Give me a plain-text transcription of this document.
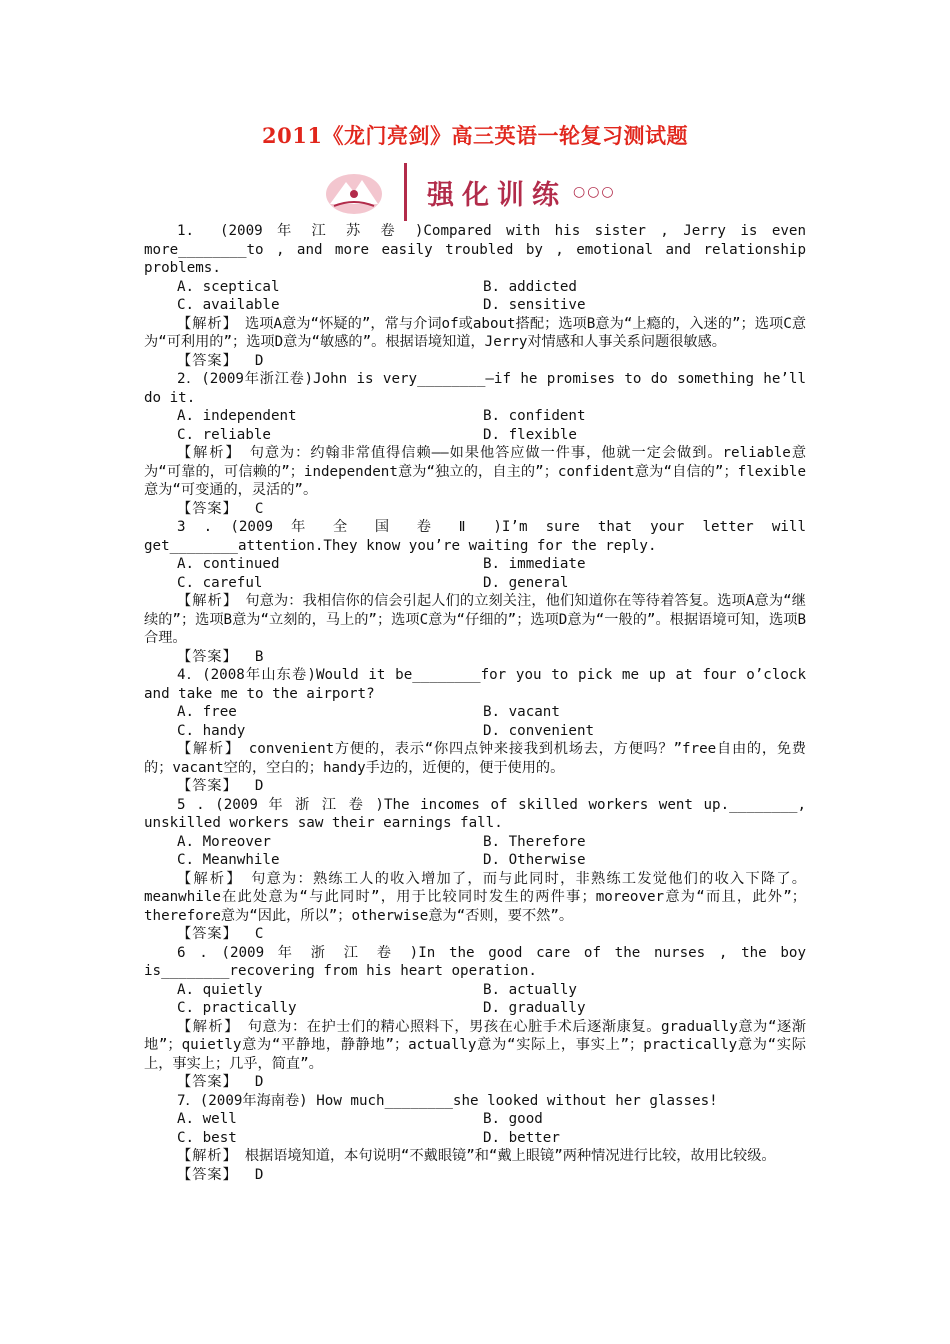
2011《龙门亮剑》高三英语一轮复习测试题
强化训练 ○○○

1.　(2009 年 江 苏 卷 )Compared with his sister , Jerry is even more________to , and more easily troubled by , emotional and relationship problems.

A. sceptical	B. addicted
C. available	D. sensitive

【解析】　选项A意为“怀疑的”，常与介词of或about搭配；选项B意为“上瘾的，入迷的”；选项C意为“可利用的”；选项D意为“敏感的”。根据语境知道，Jerry对情感和人事关系问题很敏感。

【答案】 D

2．(2009年浙江卷)John is very________—if he promises to do something he’ll do it.

A. independent	B. confident
C. reliable	D. flexible

【解析】　句意为：约翰非常值得信赖——如果他答应做一件事，他就一定会做到。reliable意为“可靠的，可信赖的”；independent意为“独立的，自主的”；confident意为“自信的”；flexible意为“可变通的，灵活的”。

【答案】 C

3 . (2009 年 全 国 卷 Ⅱ )I’m sure that your letter will get________attention.They know you’re waiting for the reply.

A. continued	B. immediate
C. careful	D. general

【解析】　句意为：我相信你的信会引起人们的立刻关注，他们知道你在等待着答复。选项A意为“继续的”；选项B意为“立刻的，马上的”；选项C意为“仔细的”；选项D意为“一般的”。根据语境可知，选项B合理。

【答案】 B

4．(2008年山东卷)Would it be________for you to pick me up at four o’clock and take me to the airport?

A. free	B. vacant
C. handy	D. convenient

【解析】　convenient方便的，表示“你四点钟来接我到机场去，方便吗？”free自由的，免费的；vacant空的，空白的；handy手边的，近便的，便于使用的。

【答案】 D

5 . (2009 年 浙 江 卷 )The incomes of skilled workers went up.________, unskilled workers saw their earnings fall.

A. Moreover	B. Therefore
C. Meanwhile	D. Otherwise

【解析】　句意为：熟练工人的收入增加了，而与此同时，非熟练工发觉他们的收入下降了。meanwhile在此处意为“与此同时”，用于比较同时发生的两件事；moreover意为“而且，此外”；therefore意为“因此，所以”；otherwise意为“否则，要不然”。

【答案】 C

6 . (2009 年 浙 江 卷 )In the good care of the nurses , the boy is________recovering from his heart operation.

A. quietly	B. actually
C. practically	D. gradually

【解析】　句意为：在护士们的精心照料下，男孩在心脏手术后逐渐康复。gradually意为“逐渐地”；quietly意为“平静地，静静地”；actually意为“实际上，事实上”；practically意为“实际上，事实上；几乎，简直”。

【答案】 D

7．(2009年海南卷) How much________she looked without her glasses!

A. well	B. good
C. best	D. better

【解析】　根据语境知道，本句说明“不戴眼镜”和“戴上眼镜”两种情况进行比较，故用比较级。

【答案】 D
